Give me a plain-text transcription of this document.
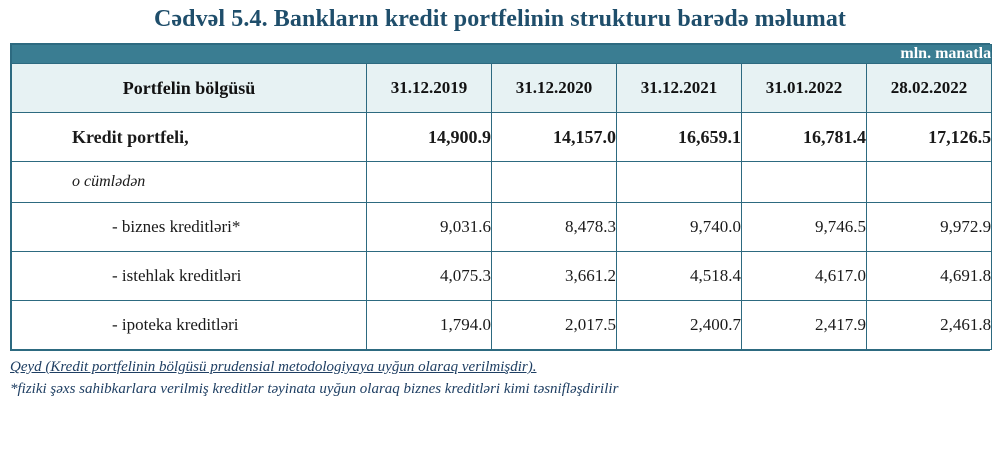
Cədvəl 5.4. Bankların kredit portfelinin strukturu barədə məlumat
mln. manatla					
Portfelin bölgüsü	31.12.2019	31.12.2020	31.12.2021	31.01.2022	28.02.2022
Kredit portfeli,	14,900.9	14,157.0	16,659.1	16,781.4	17,126.5
o cümlədən					
- biznes kreditləri*	9,031.6	8,478.3	9,740.0	9,746.5	9,972.9
- istehlak kreditləri	4,075.3	3,661.2	4,518.4	4,617.0	4,691.8
- ipoteka kreditləri	1,794.0	2,017.5	2,400.7	2,417.9	2,461.8
Qeyd (Kredit portfelinin bölgüsü prudensial metodologiyaya uyğun olaraq verilmişdir).
*fiziki şəxs sahibkarlara verilmiş kreditlər təyinata uyğun olaraq biznes kreditləri kimi təsnifləşdirilir
